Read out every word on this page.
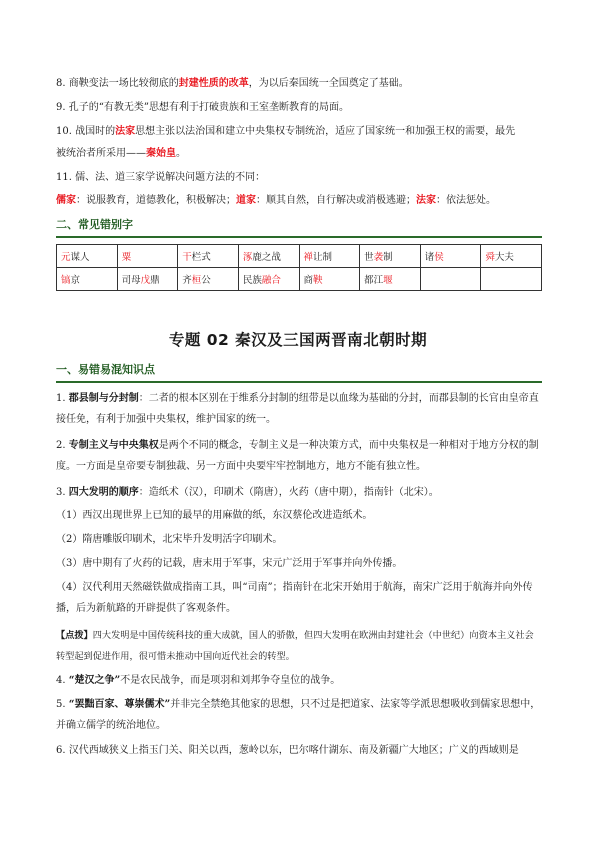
8. 商鞅变法一场比较彻底的封建性质的改革，为以后秦国统一全国奠定了基础。
9. 孔子的“有教无类”思想有利于打破贵族和王室垄断教育的局面。
10. 战国时的法家思想主张以法治国和建立中央集权专制统治，适应了国家统一和加强王权的需要，最先
被统治者所采用——秦始皇。
11. 儒、法、道三家学说解决问题方法的不同：
儒家：说服教育，道德教化，积极解决；道家：顺其自然，自行解决或消极逃避；法家：依法惩处。
二、常见错别字
元谋人	粟	干栏式	涿鹿之战	禅让制	世袭制	诸侯	舜大夫
镐京	司母戊鼎	齐桓公	民族融合	商鞅	都江堰		
专题 02 秦汉及三国两晋南北朝时期
一、易错易混知识点
1. 郡县制与分封制：二者的根本区别在于维系分封制的纽带是以血缘为基础的分封，而郡县制的长官由皇帝直接任免，有利于加强中央集权，维护国家的统一。
2. 专制主义与中央集权是两个不同的概念，专制主义是一种决策方式，而中央集权是一种相对于地方分权的制度。一方面是皇帝要专制独裁、另一方面中央要牢牢控制地方，地方不能有独立性。
3. 四大发明的顺序：造纸术（汉），印刷术（隋唐），火药（唐中期），指南针（北宋）。
（1）西汉出现世界上已知的最早的用麻做的纸，东汉蔡伦改进造纸术。
（2）隋唐雕版印刷术，北宋毕升发明活字印刷术。
（3）唐中期有了火药的记载，唐末用于军事，宋元广泛用于军事并向外传播。
（4）汉代利用天然磁铁做成指南工具，叫“司南”；指南针在北宋开始用于航海，南宋广泛用于航海并向外传播，后为新航路的开辟提供了客观条件。
【点拨】四大发明是中国传统科技的重大成就，国人的骄傲，但四大发明在欧洲由封建社会（中世纪）向资本主义社会转型起到促进作用，很可惜未推动中国向近代社会的转型。
4. “楚汉之争”不是农民战争，而是项羽和刘邦争夺皇位的战争。
5. “罢黜百家、尊崇儒术”并非完全禁绝其他家的思想，只不过是把道家、法家等学派思想吸收到儒家思想中，并确立儒学的统治地位。
6. 汉代西域狭义上指玉门关、阳关以西，葱岭以东，巴尔喀什湖东、南及新疆广大地区；广义的西域则是
